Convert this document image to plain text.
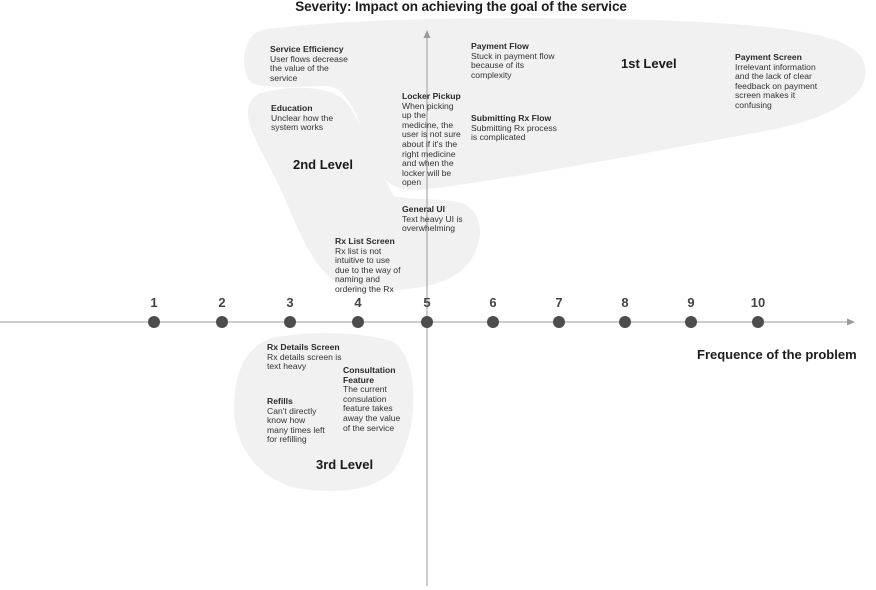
Severity: Impact on achieving the goal of the service
Frequence of the problem
1	2	3	4	5	6	7	8	9	10
1st Level
2nd Level
3rd Level
Service Efficiency
User flows decrease the value of the service
Education
Unclear how the system works
Locker Pickup
When picking up the medicine, the user is not sure about if it's the right medicine and when the locker will be open
Payment Flow
Stuck in payment flow because of its complexity
Submitting Rx Flow
Submitting Rx process is complicated
Payment Screen
Irrelevant information and the lack of clear feedback on payment screen makes it confusing
General UI
Text heavy UI is overwhelming
Rx List Screen
Rx list is not intuitive to use due to the way of naming and ordering the Rx
Rx Details Screen
Rx details screen is text heavy	Consultation Feature
The current consulation feature takes away the value of the service
Refills
Can't directly know how many times left for refilling
